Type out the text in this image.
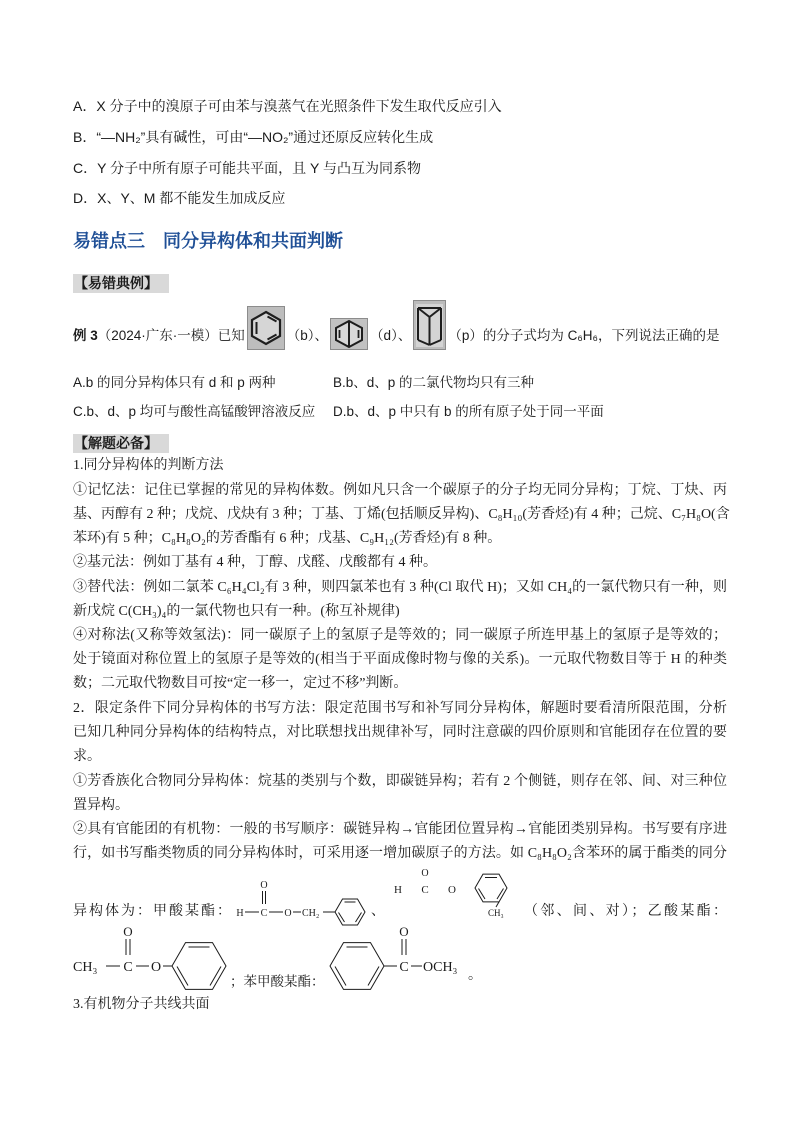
A．X 分子中的溴原子可由苯与溴蒸气在光照条件下发生取代反应引入
B．“—NH₂”具有碱性，可由“—NO₂”通过还原反应转化生成
C．Y 分子中所有原子可能共平面，且 Y 与凸互为同系物
D．X、Y、M 都不能发生加成反应
易错点三　同分异构体和共面判断
【易错典例】
例 3 （2024·广东·一模）已知	（b）、	（d）、	（p）的分子式均为 C₆H₆，下列说法正确的是
A.b 的同分异构体只有 d 和 p 两种	B.b、d、p 的二氯代物均只有三种
C.b、d、p 均可与酸性高锰酸钾溶液反应 D.b、d、p 中只有 b 的所有原子处于同一平面
【解题必备】
1.同分异构体的判断方法
①记忆法：记住已掌握的常见的异构体数。例如凡只含一个碳原子的分子均无同分异构；丁烷、丁炔、丙
基、丙醇有 2 种；戊烷、戊炔有 3 种；丁基、丁烯(包括顺反异构)、C₈H₁₀(芳香烃)有 4 种；己烷、C₇H₈O(含
苯环)有 5 种；C₈H₈O₂的芳香酯有 6 种；戊基、C₉H₁₂(芳香烃)有 8 种。
②基元法：例如丁基有 4 种，丁醇、戊醛、戊酸都有 4 种。
③替代法：例如二氯苯 C₆H₄Cl₂有 3 种，则四氯苯也有 3 种(Cl 取代 H)；又如 CH₄的一氯代物只有一种，则
新戊烷 C(CH₃)₄的一氯代物也只有一种。(称互补规律)
④对称法(又称等效氢法)：同一碳原子上的氢原子是等效的；同一碳原子所连甲基上的氢原子是等效的；
处于镜面对称位置上的氢原子是等效的(相当于平面成像时物与像的关系)。一元取代物数目等于 H 的种类
数；二元取代物数目可按“定一移一，定过不移”判断。
2．限定条件下同分异构体的书写方法：限定范围书写和补写同分异构体，解题时要看清所限范围，分析
已知几种同分异构体的结构特点，对比联想找出规律补写，同时注意碳的四价原则和官能团存在位置的要
求。
①芳香族化合物同分异构体：烷基的类别与个数，即碳链异构；若有 2 个侧链，则存在邻、间、对三种位
置异构。
②具有官能团的有机物：一般的书写顺序：碳链异构→官能团位置异构→官能团类别异构。书写要有序进
行，如书写酯类物质的同分异构体时，可采用逐一增加碳原子的方法。如 C₈H₈O₂含苯环的属于酯类的同分
异构体为：甲酸某酯：
O
H C O CH₂	、
O
H C O
CH₃ （邻、间、对）；乙酸某酯：
O
CH₃ C O
；苯甲酸某酯：
O
C OCH₃
。
3.有机物分子共线共面
